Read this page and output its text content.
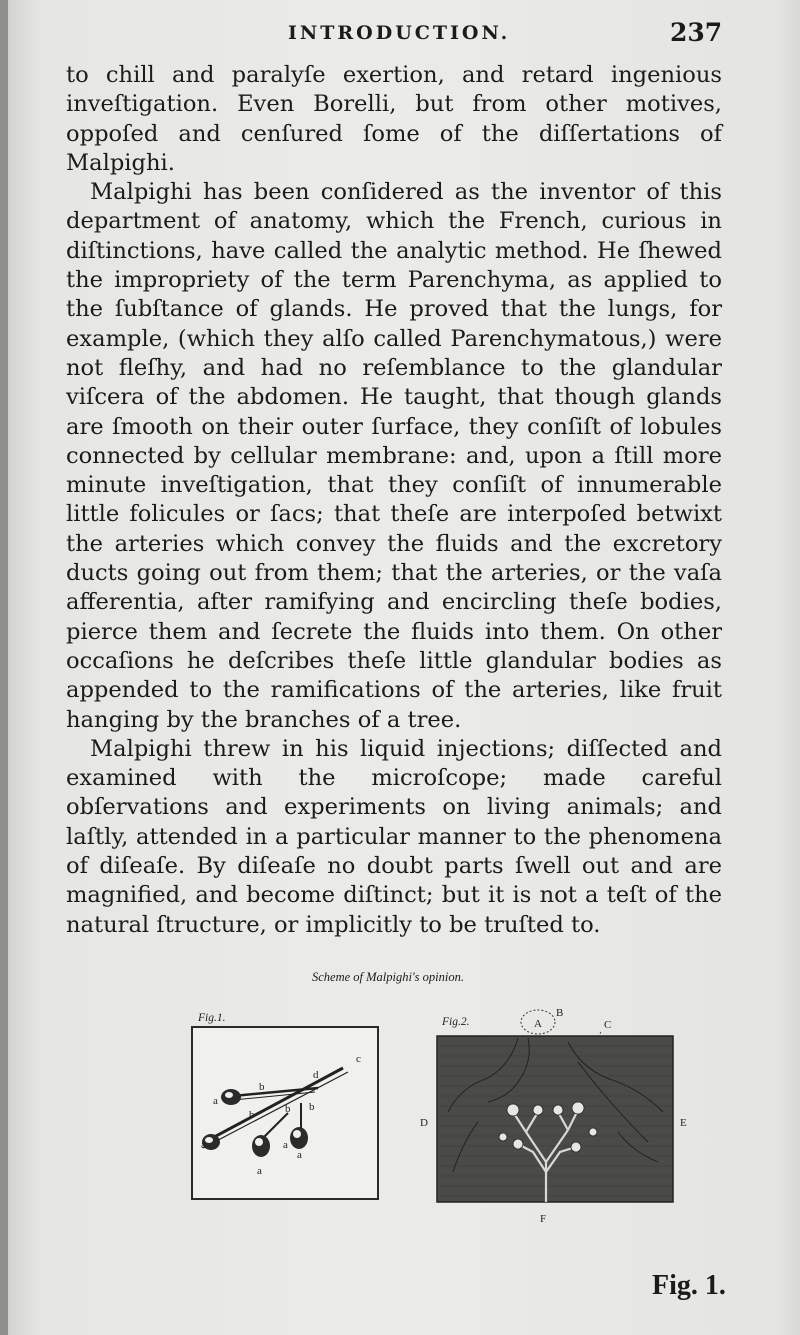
INTRODUCTION.	237

to chill and paralyſe exertion, and retard ingenious inveſtigation. Even Borelli, but from other motives, oppoſed and cenſured ſome of the diſſertations of Malpighi.

Malpighi has been conſidered as the inventor of this department of anatomy, which the French, curious in diſtinctions, have called the analytic method. He ſhewed the impropriety of the term Parenchyma, as applied to the ſubſtance of glands. He proved that the lungs, for example, (which they alſo called Parenchymatous,) were not fleſhy, and had no reſemblance to the glandular viſcera of the abdomen. He taught, that though glands are ſmooth on their outer ſurface, they conſiſt of lobules connected by cellular membrane: and, upon a ſtill more minute inveſtigation, that they conſiſt of innumerable little folicules or ſacs; that theſe are interpoſed betwixt the arteries which convey the fluids and the excretory ducts going out from them; that the arteries, or the vaſa afferentia, after ramifying and encircling theſe bodies, pierce them and ſecrete the fluids into them. On other occaſions he deſcribes theſe little glandular bodies as appended to the ramifications of the arteries, like fruit hanging by the branches of a tree.

Malpighi threw in his liquid injections; diſſected and examined with the microſcope; made careful obſervations and experiments on living animals; and laſtly, attended in a particular manner to the phenomena of diſeaſe. By diſeaſe no doubt parts ſwell out and are magnified, and become diſtinct; but it is not a teſt of the natural ſtructure, or implicitly to be truſted to.

Scheme of Malpighi's opinion.
Fig.1.
a
b
b
d
c
a
b b
a
a
a
Fig.2.	A
B
C
D	E
F
Fig. 1.
